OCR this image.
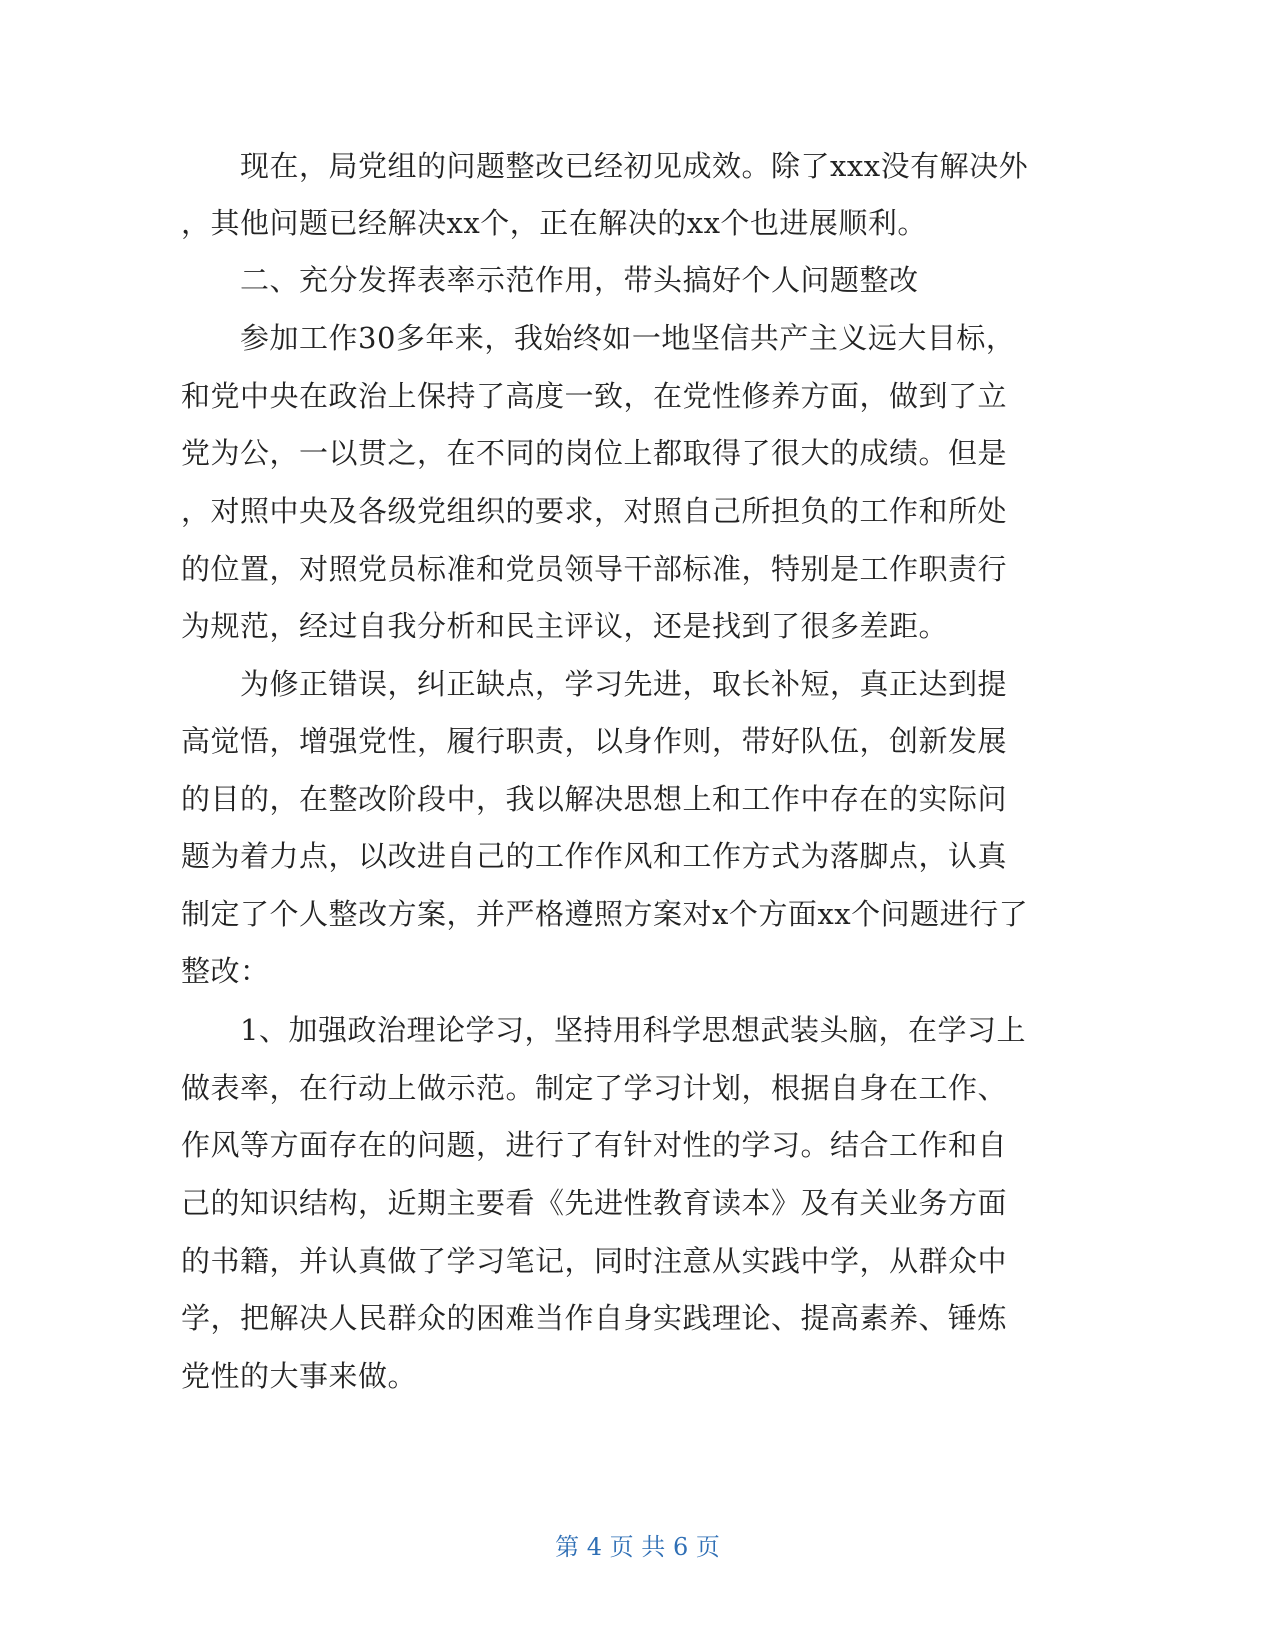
现在，局党组的问题整改已经初见成效。除了xxx没有解决外
，其他问题已经解决xx个，正在解决的xx个也进展顺利。
二、充分发挥表率示范作用，带头搞好个人问题整改
参加工作30多年来，我始终如一地坚信共产主义远大目标，
和党中央在政治上保持了高度一致，在党性修养方面，做到了立
党为公，一以贯之，在不同的岗位上都取得了很大的成绩。但是
，对照中央及各级党组织的要求，对照自己所担负的工作和所处
的位置，对照党员标准和党员领导干部标准，特别是工作职责行
为规范，经过自我分析和民主评议，还是找到了很多差距。
为修正错误，纠正缺点，学习先进，取长补短，真正达到提
高觉悟，增强党性，履行职责，以身作则，带好队伍，创新发展
的目的，在整改阶段中，我以解决思想上和工作中存在的实际问
题为着力点，以改进自己的工作作风和工作方式为落脚点，认真
制定了个人整改方案，并严格遵照方案对x个方面xx个问题进行了
整改：
1、加强政治理论学习，坚持用科学思想武装头脑，在学习上
做表率，在行动上做示范。制定了学习计划，根据自身在工作、
作风等方面存在的问题，进行了有针对性的学习。结合工作和自
己的知识结构，近期主要看《先进性教育读本》及有关业务方面
的书籍，并认真做了学习笔记，同时注意从实践中学，从群众中
学，把解决人民群众的困难当作自身实践理论、提高素养、锤炼
党性的大事来做。
第 4 页 共 6 页
